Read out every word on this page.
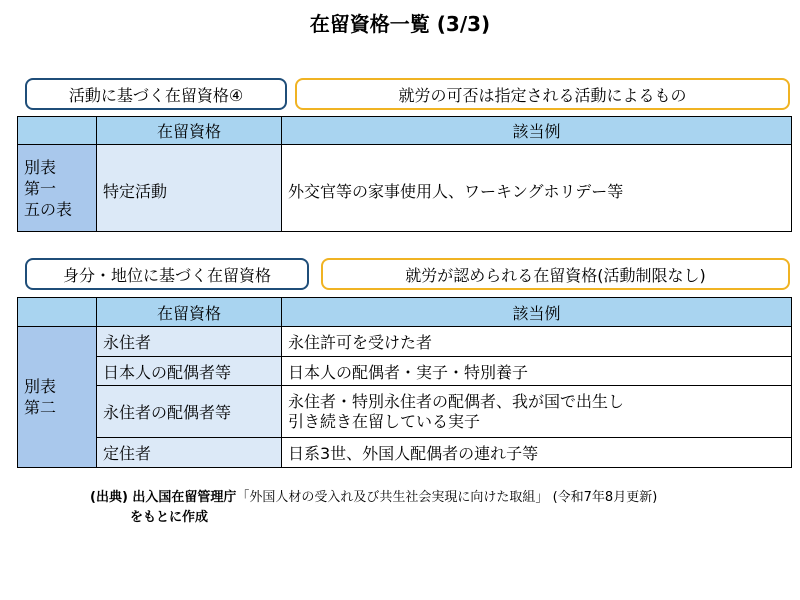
在留資格一覧 (3/3)
活動に基づく在留資格④	就労の可否は指定される活動によるもの
	在留資格	該当例

別表
第一
五の表	特定活動	外交官等の家事使用人、ワーキングホリデー等
身分・地位に基づく在留資格	就労が認められる在留資格(活動制限なし)
	在留資格	該当例

別表
第二	永住者	永住許可を受けた者
	日本人の配偶者等	日本人の配偶者・実子・特別養子
	永住者の配偶者等	永住者・特別永住者の配偶者、我が国で出生し
引き続き在留している実子

	定住者	日系3世、外国人配偶者の連れ子等
(出典) 出入国在留管理庁「外国人材の受入れ及び共生社会実現に向けた取組」 (令和7年8月更新)
をもとに作成
